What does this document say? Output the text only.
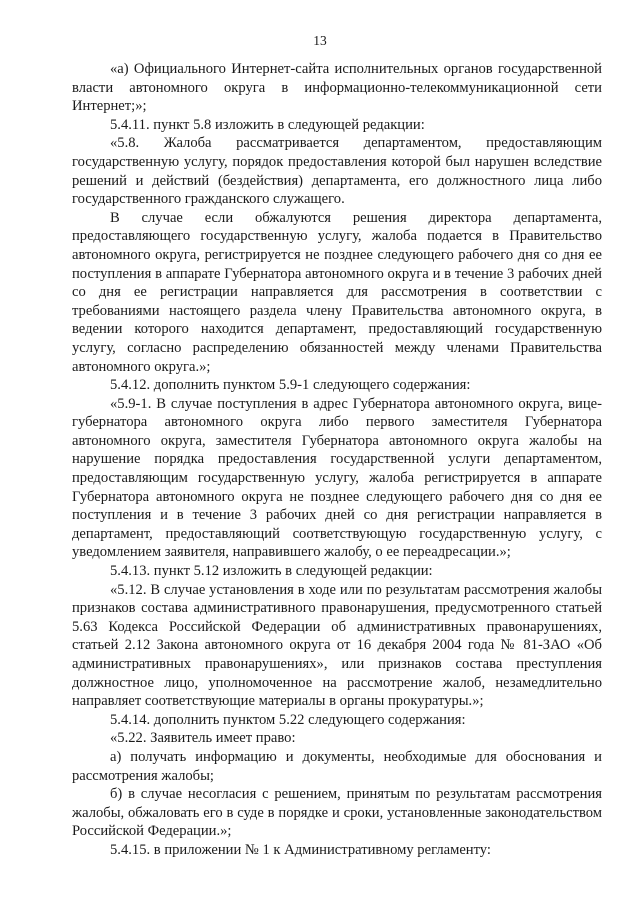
13

«а) Официального Интернет-сайта исполнительных органов государственной власти автономного округа в информационно-телекоммуникационной сети Интернет;»;

5.4.11. пункт 5.8 изложить в следующей редакции:

«5.8. Жалоба рассматривается департаментом, предоставляющим государственную услугу, порядок предоставления которой был нарушен вследствие решений и действий (бездействия) департамента, его должностного лица либо государственного гражданского служащего.

В случае если обжалуются решения директора департамента, предоставляющего государственную услугу, жалоба подается в Правительство автономного округа, регистрируется не позднее следующего рабочего дня со дня ее поступления в аппарате Губернатора автономного округа и в течение 3 рабочих дней со дня ее регистрации направляется для рассмотрения в соответствии с требованиями настоящего раздела члену Правительства автономного округа, в ведении которого находится департамент, предоставляющий государственную услугу, согласно распределению обязанностей между членами Правительства автономного округа.»;

5.4.12. дополнить пунктом 5.9-1 следующего содержания:

«5.9-1. В случае поступления в адрес Губернатора автономного округа, вице-губернатора автономного округа либо первого заместителя Губернатора автономного округа, заместителя Губернатора автономного округа жалобы на нарушение порядка предоставления государственной услуги департаментом, предоставляющим государственную услугу, жалоба регистрируется в аппарате Губернатора автономного округа не позднее следующего рабочего дня со дня ее поступления и в течение 3 рабочих дней со дня регистрации направляется в департамент, предоставляющий соответствующую государственную услугу, с уведомлением заявителя, направившего жалобу, о ее переадресации.»;

5.4.13. пункт 5.12 изложить в следующей редакции:

«5.12. В случае установления в ходе или по результатам рассмотрения жалобы признаков состава административного правонарушения, предусмотренного статьей 5.63 Кодекса Российской Федерации об административных правонарушениях, статьей 2.12 Закона автономного округа от 16 декабря 2004 года № 81-ЗАО «Об административных правонарушениях», или признаков состава преступления должностное лицо, уполномоченное на рассмотрение жалоб, незамедлительно направляет соответствующие материалы в органы прокуратуры.»;

5.4.14. дополнить пунктом 5.22 следующего содержания:

«5.22. Заявитель имеет право:

а) получать информацию и документы, необходимые для обоснования и рассмотрения жалобы;

б) в случае несогласия с решением, принятым по результатам рассмотрения жалобы, обжаловать его в суде в порядке и сроки, установленные законодательством Российской Федерации.»;

5.4.15. в приложении № 1 к Административному регламенту:
